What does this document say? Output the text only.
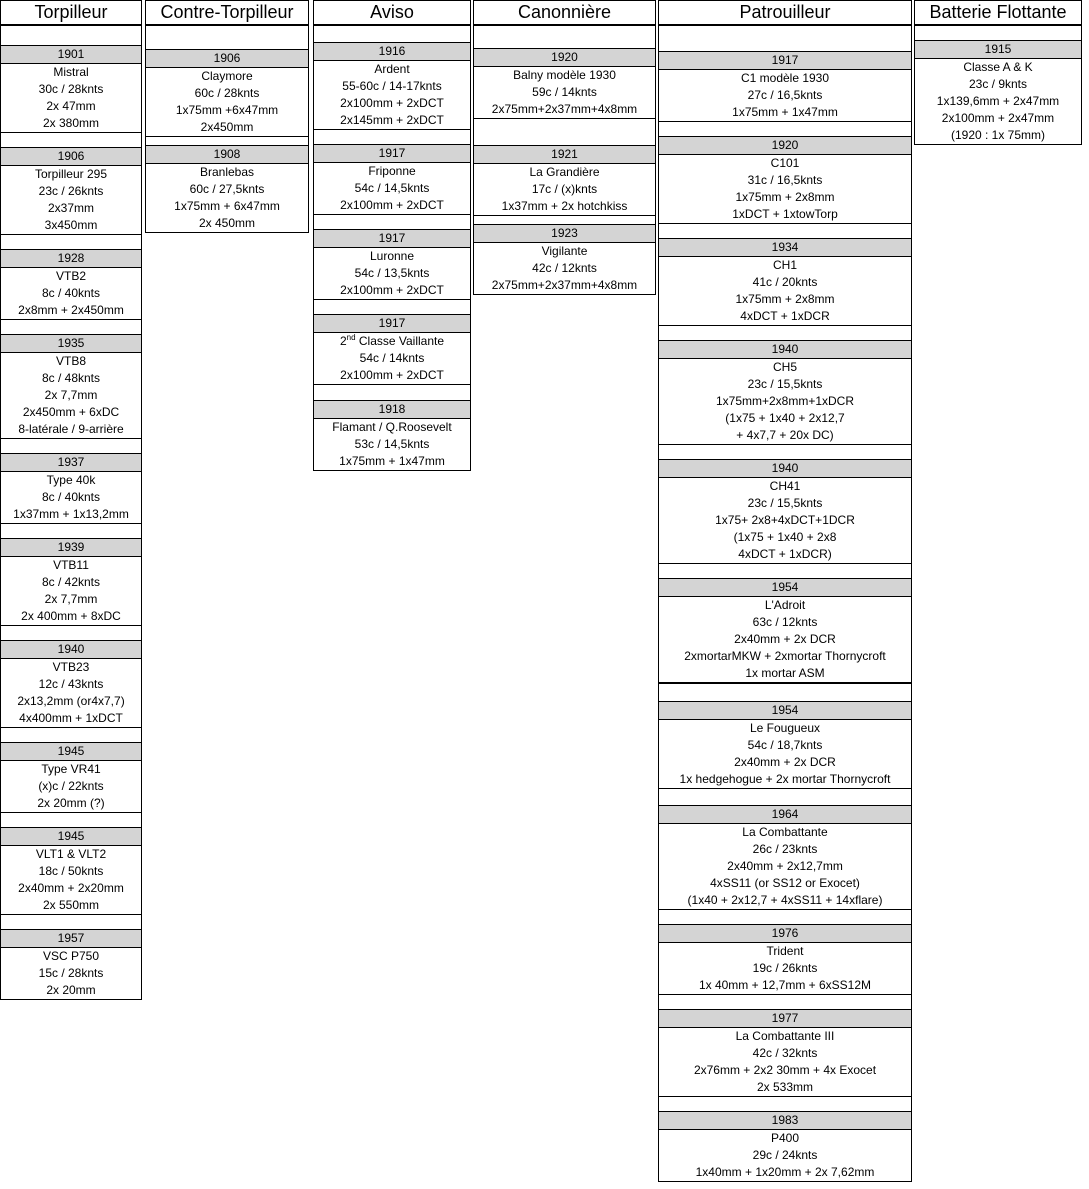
Torpilleur
1901
Mistral
30c / 28knts
2x 47mm
2x 380mm
1906
Torpilleur 295
23c / 26knts
2x37mm
3x450mm
1928
VTB2
8c / 40knts
2x8mm + 2x450mm
1935
VTB8
8c / 48knts
2x 7,7mm
2x450mm + 6xDC
8-latérale / 9-arrière
1937
Type 40k
8c / 40knts
1x37mm + 1x13,2mm
1939
VTB11
8c / 42knts
2x 7,7mm
2x 400mm + 8xDC
1940
VTB23
12c / 43knts
2x13,2mm (or4x7,7)
4x400mm + 1xDCT
1945
Type VR41
(x)c / 22knts
2x 20mm (?)
1945
VLT1 & VLT2
18c / 50knts
2x40mm + 2x20mm
2x 550mm
1957
VSC P750
15c / 28knts
2x 20mm
Contre-Torpilleur
1906
Claymore
60c / 28knts
1x75mm +6x47mm
2x450mm
1908
Branlebas
60c / 27,5knts
1x75mm + 6x47mm
2x 450mm
Aviso
1916
Ardent
55-60c / 14-17knts
2x100mm + 2xDCT
2x145mm + 2xDCT
1917
Friponne
54c / 14,5knts
2x100mm + 2xDCT
1917
Luronne
54c / 13,5knts
2x100mm + 2xDCT
1917
2nd Classe Vaillante
54c / 14knts
2x100mm + 2xDCT
1918
Flamant / Q.Roosevelt
53c / 14,5knts
1x75mm + 1x47mm
Canonnière
1920
Balny modèle 1930
59c / 14knts
2x75mm+2x37mm+4x8mm
1921
La Grandière
17c / (x)knts
1x37mm + 2x hotchkiss
1923
Vigilante
42c / 12knts
2x75mm+2x37mm+4x8mm
Patrouilleur
1917
C1 modèle 1930
27c / 16,5knts
1x75mm + 1x47mm
1920
C101
31c / 16,5knts
1x75mm + 2x8mm
1xDCT + 1xtowTorp
1934
CH1
41c / 20knts
1x75mm + 2x8mm
4xDCT + 1xDCR
1940
CH5
23c / 15,5knts
1x75mm+2x8mm+1xDCR
(1x75 + 1x40 + 2x12,7
+ 4x7,7 + 20x DC)
1940
CH41
23c / 15,5knts
1x75+ 2x8+4xDCT+1DCR
(1x75 + 1x40 + 2x8
4xDCT + 1xDCR)
1954
L'Adroit
63c / 12knts
2x40mm + 2x DCR
2xmortarMKW + 2xmortar Thornycroft
1x mortar ASM
1954
Le Fougueux
54c / 18,7knts
2x40mm + 2x DCR
1x hedgehogue + 2x mortar Thornycroft
1964
La Combattante
26c / 23knts
2x40mm + 2x12,7mm
4xSS11 (or SS12 or Exocet)
(1x40 + 2x12,7 + 4xSS11 + 14xflare)
1976
Trident
19c / 26knts
1x 40mm + 12,7mm + 6xSS12M
1977
La Combattante III
42c / 32knts
2x76mm + 2x2 30mm + 4x Exocet
2x 533mm
1983
P400
29c / 24knts
1x40mm + 1x20mm + 2x 7,62mm
Batterie Flottante
1915
Classe A & K
23c / 9knts
1x139,6mm + 2x47mm
2x100mm + 2x47mm
(1920 : 1x 75mm)
